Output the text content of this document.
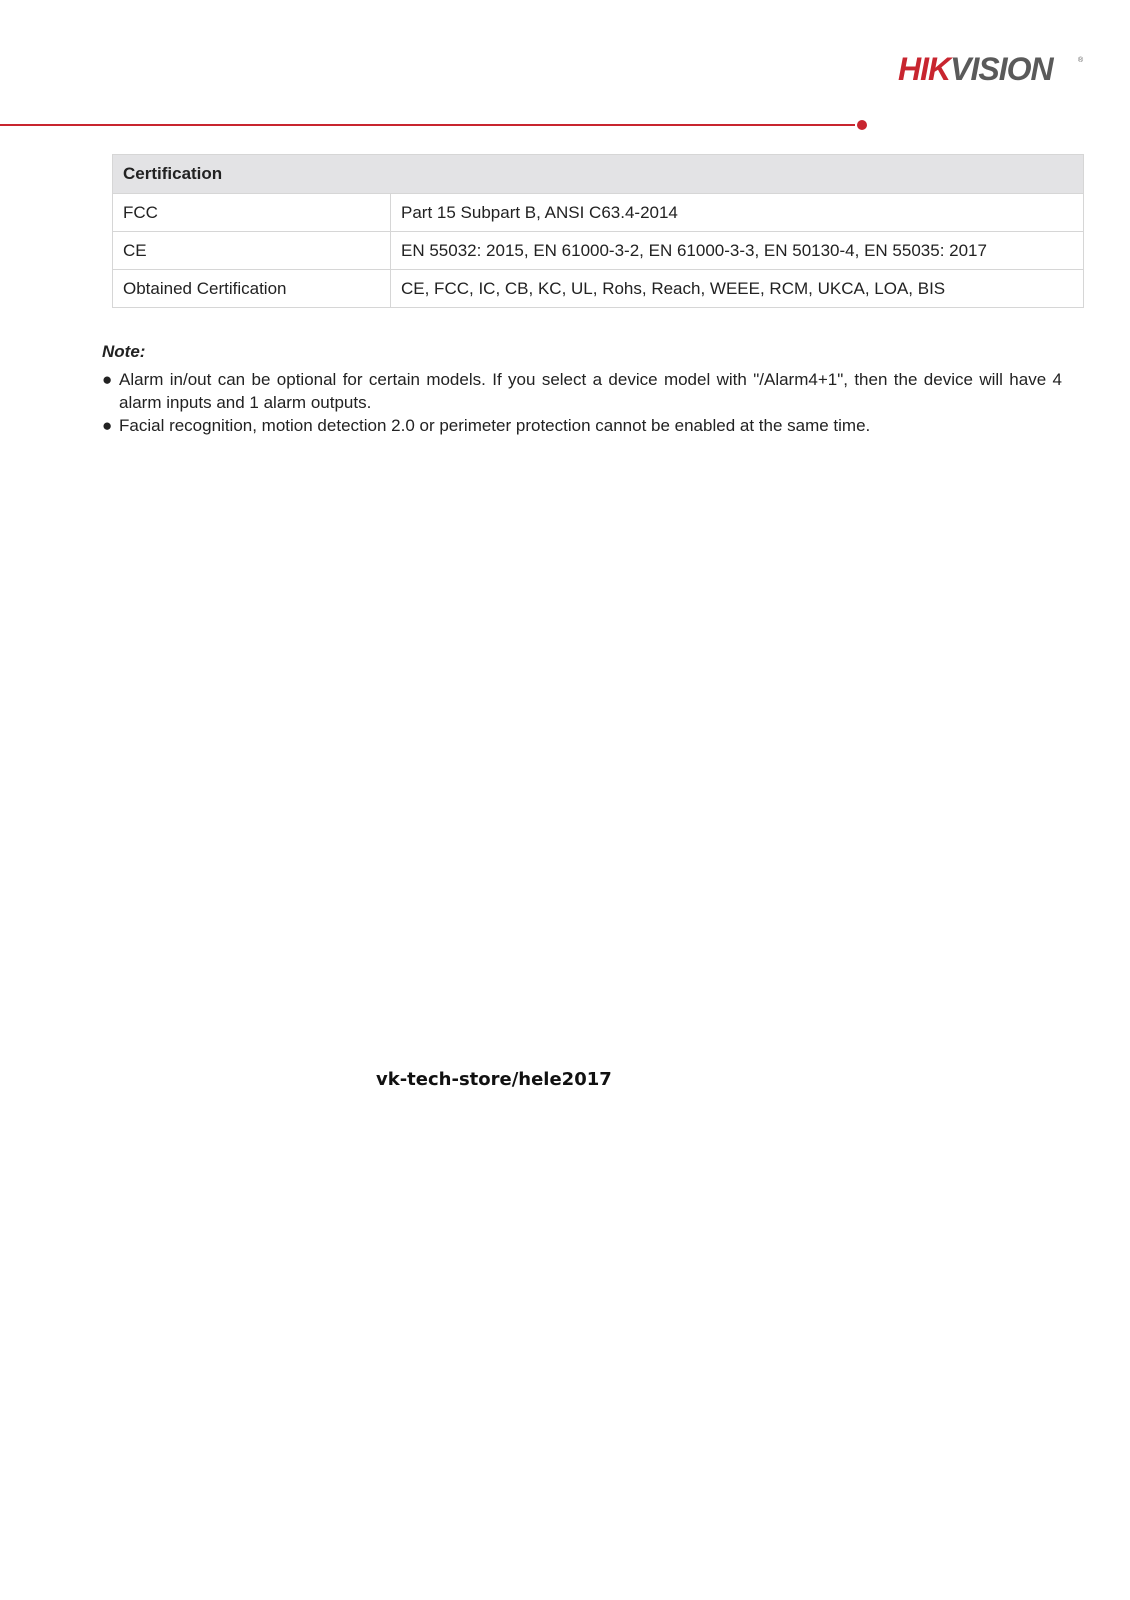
HIKVISION	®
Certification	
FCC	Part 15 Subpart B, ANSI C63.4-2014
CE	EN 55032: 2015, EN 61000-3-2, EN 61000-3-3, EN 50130-4, EN 55035: 2017
Obtained Certification	CE, FCC, IC, CB, KC, UL, Rohs, Reach, WEEE, RCM, UKCA, LOA, BIS
Note:
● Alarm in/out can be optional for certain models. If you select a device model with "/Alarm4+1", then the device will have 4 alarm inputs and 1 alarm outputs.
● Facial recognition, motion detection 2.0 or perimeter protection cannot be enabled at the same time.
vk-tech-store/hele2017
